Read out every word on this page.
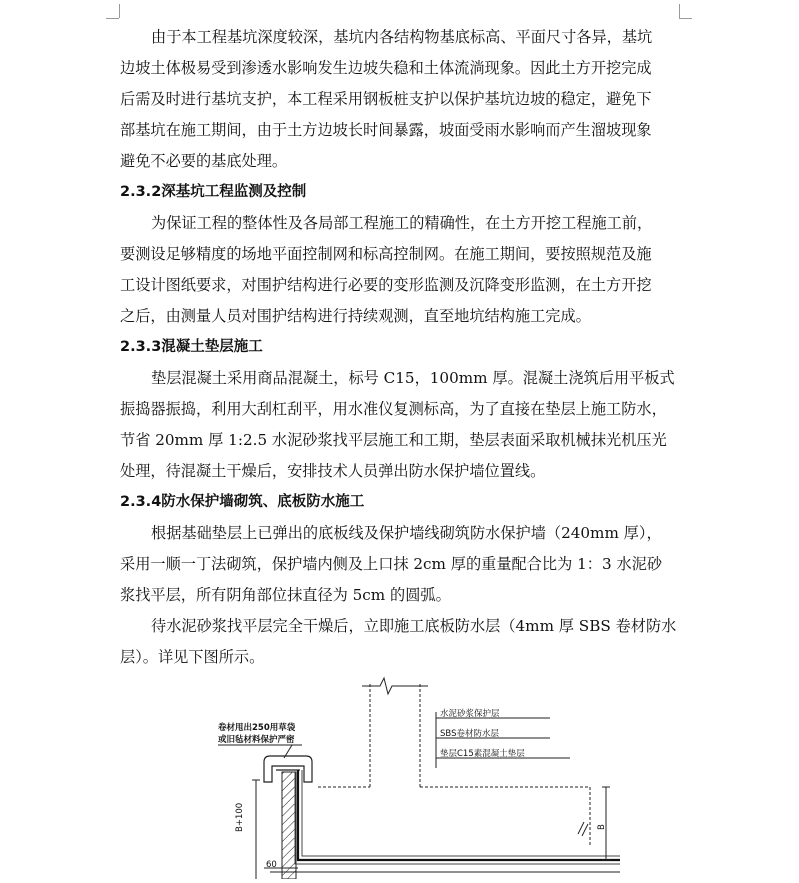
由于本工程基坑深度较深，基坑内各结构物基底标高、平面尺寸各异，基坑
边坡土体极易受到渗透水影响发生边坡失稳和土体流淌现象。因此土方开挖完成
后需及时进行基坑支护，本工程采用钢板桩支护以保护基坑边坡的稳定，避免下
部基坑在施工期间，由于土方边坡长时间暴露，坡面受雨水影响而产生溜坡现象
避免不必要的基底处理。
2.3.2深基坑工程监测及控制
为保证工程的整体性及各局部工程施工的精确性，在土方开挖工程施工前，
要测设足够精度的场地平面控制网和标高控制网。在施工期间，要按照规范及施
工设计图纸要求，对围护结构进行必要的变形监测及沉降变形监测，在土方开挖
之后，由测量人员对围护结构进行持续观测，直至地坑结构施工完成。
2.3.3混凝土垫层施工
垫层混凝土采用商品混凝土，标号 C15，100mm 厚。混凝土浇筑后用平板式
振捣器振捣，利用大刮杠刮平，用水准仪复测标高，为了直接在垫层上施工防水，
节省 20mm 厚 1:2.5 水泥砂浆找平层施工和工期，垫层表面采取机械抹光机压光
处理，待混凝土干燥后，安排技术人员弹出防水保护墙位置线。
2.3.4防水保护墙砌筑、底板防水施工
根据基础垫层上已弹出的底板线及保护墙线砌筑防水保护墙（240mm 厚），
采用一顺一丁法砌筑，保护墙内侧及上口抹 2cm 厚的重量配合比为 1：3 水泥砂
浆找平层，所有阴角部位抹直径为 5cm 的圆弧。
待水泥砂浆找平层完全干燥后，立即施工底板防水层（4mm 厚 SBS 卷材防水
层）。详见下图所示。
B+100	B
60
卷材甩出250用草袋
或旧毡材料保护严密
水泥砂浆保护层
SBS卷材防水层
垫层C15素混凝土垫层
